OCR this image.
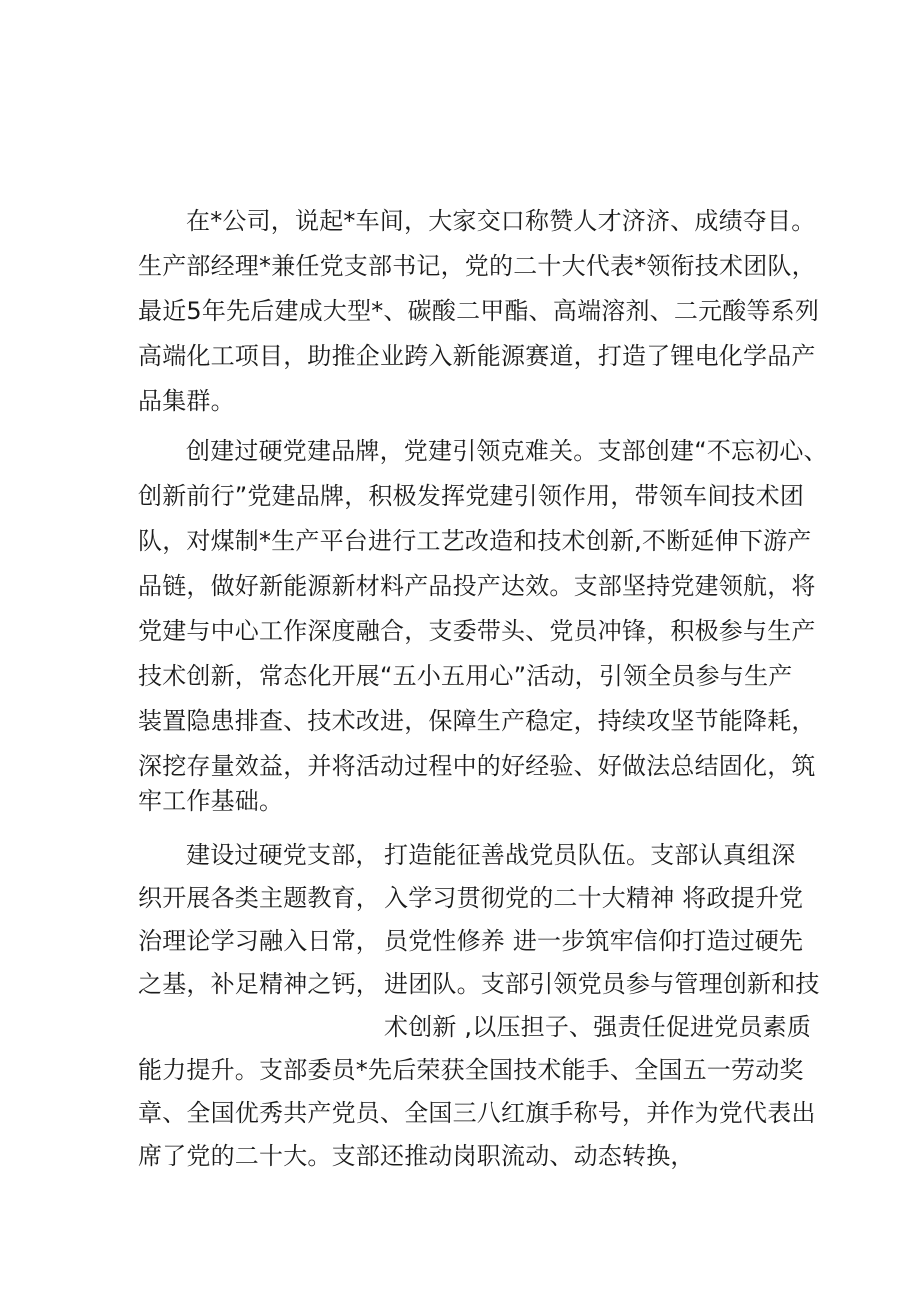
在*公司，说起*车间，大家交口称赞人才济济、成绩夺目。
生产部经理*兼任党支部书记，党的二十大代表*领衔技术团队，
最近5年先后建成大型*、碳酸二甲酯、高端溶剂、二元酸等系列
高端化工项目，助推企业跨入新能源赛道，打造了锂电化学品产
品集群。
创建过硬党建品牌，党建引领克难关。支部创建“不忘初心、
创新前行”党建品牌，积极发挥党建引领作用，带领车间技术团
队，对煤制*生产平台进行工艺改造和技术创新,不断延伸下游产
品链，做好新能源新材料产品投产达效。支部坚持党建领航，将
党建与中心工作深度融合，支委带头、党员冲锋，积极参与生产
技术创新，常态化开展“五小五用心”活动，引领全员参与生产
装置隐患排查、技术改进，保障生产稳定，持续攻坚节能降耗，
深挖存量效益，并将活动过程中的好经验、好做法总结固化，筑
牢工作基础。
建设过硬党支部，
织开展各类主题教育，
治理论学习融入日常，
之基，补足精神之钙，
打造能征善战党员队伍。支部认真组深
入学习贯彻党的二十大精神 将政提升党
员党性修养 进一步筑牢信仰打造过硬先
进团队。支部引领党员参与管理创新和技
术创新 ,以压担子、强责任促进党员素质
能力提升。支部委员*先后荣获全国技术能手、全国五一劳动奖
章、全国优秀共产党员、全国三八红旗手称号，并作为党代表出
席了党的二十大。支部还推动岗职流动、动态转换，
